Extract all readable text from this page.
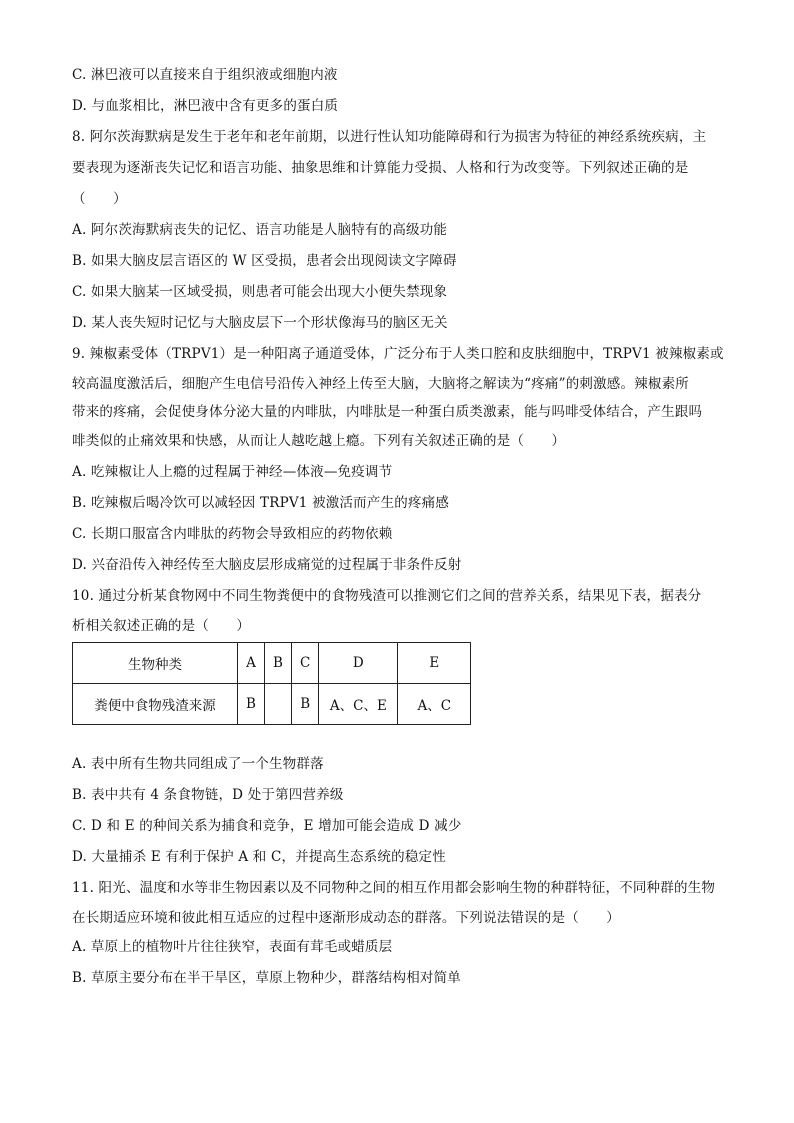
C. 淋巴液可以直接来自于组织液或细胞内液
D. 与血浆相比，淋巴液中含有更多的蛋白质
8. 阿尔茨海默病是发生于老年和老年前期，以进行性认知功能障碍和行为损害为特征的神经系统疾病，主
要表现为逐渐丧失记忆和语言功能、抽象思维和计算能力受损、人格和行为改变等。下列叙述正确的是
（　　）
A. 阿尔茨海默病丧失的记忆、语言功能是人脑特有的高级功能
B. 如果大脑皮层言语区的 W 区受损，患者会出现阅读文字障碍
C. 如果大脑某一区域受损，则患者可能会出现大小便失禁现象
D. 某人丧失短时记忆与大脑皮层下一个形状像海马的脑区无关
9. 辣椒素受体（TRPV1）是一种阳离子通道受体，广泛分布于人类口腔和皮肤细胞中，TRPV1 被辣椒素或
较高温度激活后，细胞产生电信号沿传入神经上传至大脑，大脑将之解读为“疼痛”的刺激感。辣椒素所
带来的疼痛，会促使身体分泌大量的内啡肽，内啡肽是一种蛋白质类激素，能与吗啡受体结合，产生跟吗
啡类似的止痛效果和快感，从而让人越吃越上瘾。下列有关叙述正确的是（　　）
A. 吃辣椒让人上瘾的过程属于神经—体液—免疫调节
B. 吃辣椒后喝冷饮可以减轻因 TRPV1 被激活而产生的疼痛感
C. 长期口服富含内啡肽的药物会导致相应的药物依赖
D. 兴奋沿传入神经传至大脑皮层形成痛觉的过程属于非条件反射
10. 通过分析某食物网中不同生物粪便中的食物残渣可以推测它们之间的营养关系，结果见下表，据表分
析相关叙述正确的是（　　）
生物种类	A	B	C	D	E
粪便中食物残渣来源	B		B	A、C、E	A、C
A. 表中所有生物共同组成了一个生物群落
B. 表中共有 4 条食物链，D 处于第四营养级
C. D 和 E 的种间关系为捕食和竞争，E 增加可能会造成 D 减少
D. 大量捕杀 E 有利于保护 A 和 C，并提高生态系统的稳定性
11. 阳光、温度和水等非生物因素以及不同物种之间的相互作用都会影响生物的种群特征，不同种群的生物
在长期适应环境和彼此相互适应的过程中逐渐形成动态的群落。下列说法错误的是（　　）
A. 草原上的植物叶片往往狭窄，表面有茸毛或蜡质层
B. 草原主要分布在半干旱区，草原上物种少，群落结构相对简单
